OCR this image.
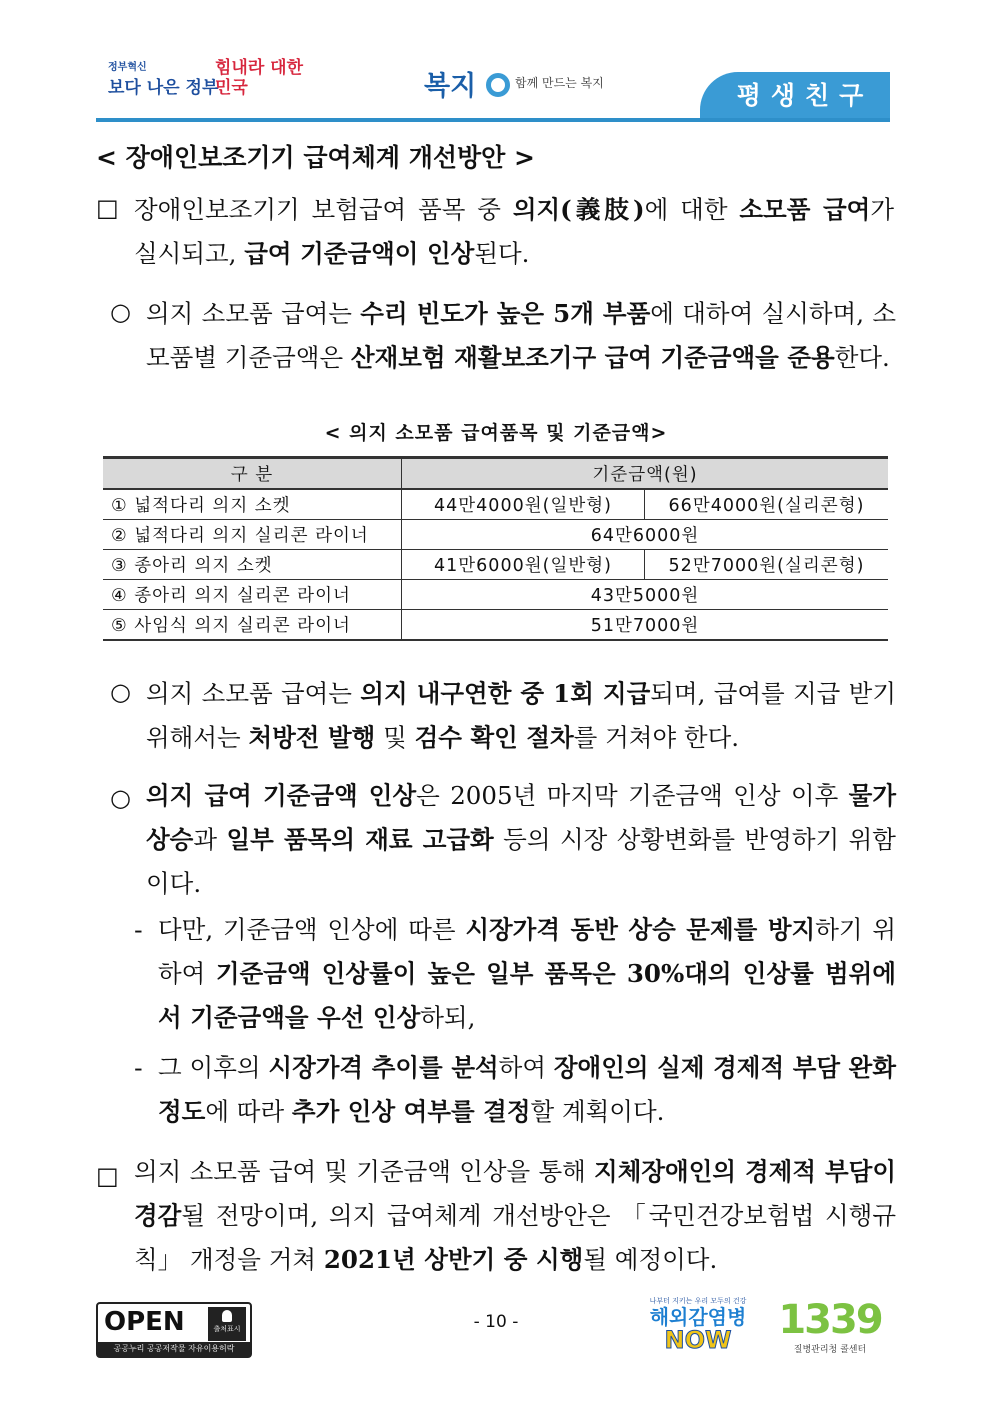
정부혁신
보다 나은 정부
힘내라 대한민국	복지	함께 만드는 복지	평생친구
< 장애인보조기기 급여체계 개선방안 >
□ 장애인보조기기 보험급여 품목 중 의지(義肢)에 대한 소모품 급여가
실시되고, 급여 기준금액이 인상된다.
○ 의지 소모품 급여는 수리 빈도가 높은 5개 부품에 대하여 실시하며, 소모품별 기준금액은 산재보험 재활보조기구 급여 기준금액을 준용한다.
< 의지 소모품 급여품목 및 기준금액>
구 분	기준금액(원)	
① 넓적다리 의지 소켓	44만4000원(일반형)	66만4000원(실리콘형)
② 넓적다리 의지 실리콘 라이너	64만6000원	
③ 종아리 의지 소켓	41만6000원(일반형)	52만7000원(실리콘형)
④ 종아리 의지 실리콘 라이너	43만5000원	
⑤ 사임식 의지 실리콘 라이너	51만7000원	
○ 의지 소모품 급여는 의지 내구연한 중 1회 지급되며, 급여를 지급 받기 위해서는 처방전 발행 및 검수 확인 절차를 거쳐야 한다.
○ 의지 급여 기준금액 인상은 2005년 마지막 기준금액 인상 이후 물가 상승과 일부 품목의 재료 고급화 등의 시장 상황변화를 반영하기 위함이다.
- 다만, 기준금액 인상에 따른 시장가격 동반 상승 문제를 방지하기 위하여 기준금액 인상률이 높은 일부 품목은 30%대의 인상률 범위에서 기준금액을 우선 인상하되,
- 그 이후의 시장가격 추이를 분석하여 장애인의 실제 경제적 부담 완화 정도에 따라 추가 인상 여부를 결정할 계획이다.
□ 의지 소모품 급여 및 기준금액 인상을 통해 지체장애인의 경제적 부담이 경감될 전망이며, 의지 급여체계 개선방안은 「국민건강보험법 시행규칙」 개정을 거쳐 2021년 상반기 중 시행될 예정이다.
OPEN	출처표시
공공누리 공공저작물 자유이용허락
- 10 -
나부터 지키는 우리 모두의 건강
해외감염병
NOW	1339
질병관리청 콜센터
